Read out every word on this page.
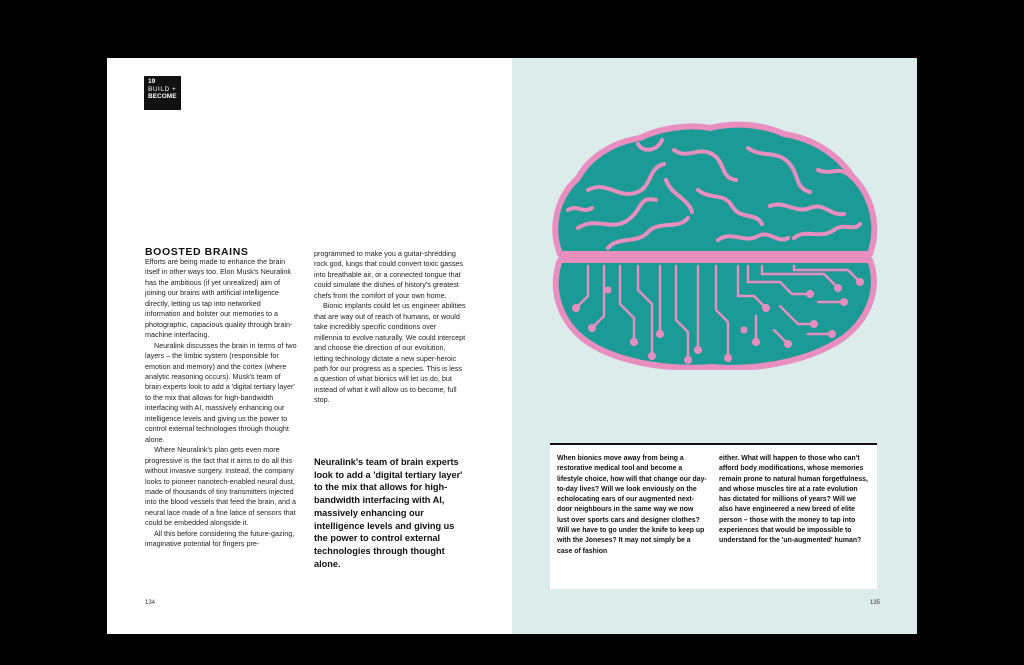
19
BUILD +
BECOME
BOOSTED BRAINS

Efforts are being made to enhance the brain itself in other ways too. Elon Musk's Neuralink has the ambitious (if yet unrealized) aim of joining our brains with artificial intelligence directly, letting us tap into networked information and bolster our memories to a photographic, capacious quality through brain-machine interfacing.

Neuralink discusses the brain in terms of two layers – the limbic system (responsible for emotion and memory) and the cortex (where analytic reasoning occurs). Musk's team of brain experts look to add a 'digital tertiary layer' to the mix that allows for high-bandwidth interfacing with AI, massively enhancing our intelligence levels and giving us the power to control external technologies through thought alone.

Where Neuralink's plan gets even more progressive is the fact that it aims to do all this without invasive surgery. Instead, the company looks to pioneer nanotech-enabled neural dust, made of thousands of tiny transmitters injected into the blood vessels that feed the brain, and a neural lace made of a fine latice of sensors that could be embedded alongside it.

All this before considering the future-gazing, imaginative potential for fingers pre-

programmed to make you a guitar-shredding rock god, lungs that could convert toxic gasses into breathable air, or a connected tongue that could simulate the dishes of history's greatest chefs from the comfort of your own home.

Bionic implants could let us engineer abilities that are way out of reach of humans, or would take incredibly specific conditions over millennia to evolve naturally. We could intercept and choose the direction of our evolution, letting technology dictate a new super-heroic path for our progress as a species. This is less a question of what bionics will let us do, but instead of what it will allow us to become, full stop.

Neuralink's team of brain experts look to add a 'digital tertiary layer' to the mix that allows for high-bandwidth interfacing with AI, massively enhancing our intelligence levels and giving us the power to control external technologies through thought alone.
134
When bionics move away from being a restorative medical tool and become a lifestyle choice, how will that change our day-to-day lives? Will we look enviously on the echolocating ears of our augmented next-door neighbours in the same way we now lust over sports cars and designer clothes? Will we have to go under the knife to keep up with the Joneses? It may not simply be a case of fashion
either. What will happen to those who can't afford body modifications, whose memories remain prone to natural human forgetfulness, and whose muscles tire at a rate evolution has dictated for millions of years? Will we also have engineered a new breed of elite person – those with the money to tap into experiences that would be impossible to understand for the 'un-augmented' human?
135
